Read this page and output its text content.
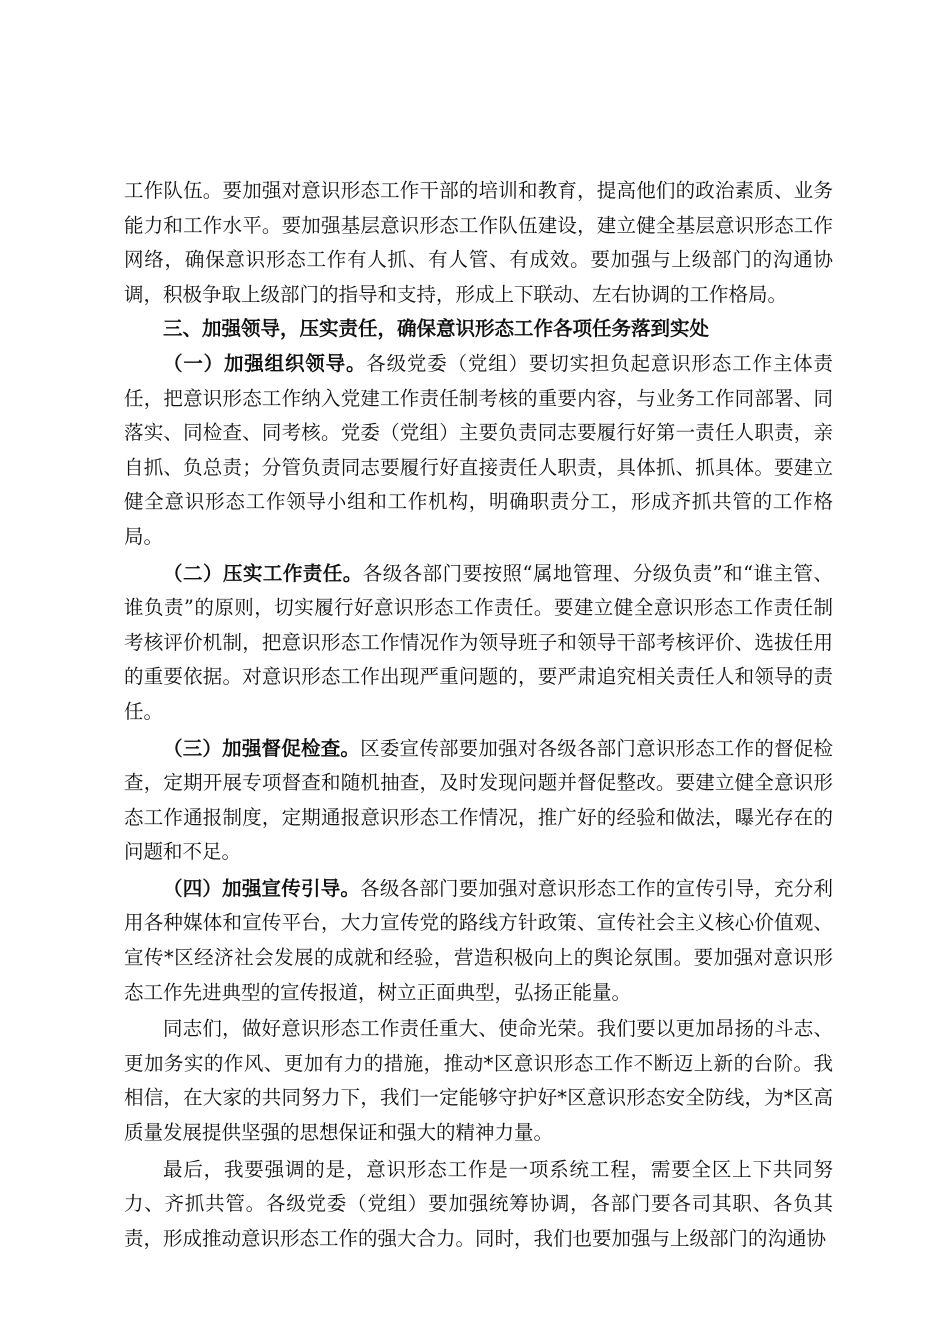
工作队伍。要加强对意识形态工作干部的培训和教育，提高他们的政治素质、业务能力和工作水平。要加强基层意识形态工作队伍建设，建立健全基层意识形态工作网络，确保意识形态工作有人抓、有人管、有成效。要加强与上级部门的沟通协调，积极争取上级部门的指导和支持，形成上下联动、左右协调的工作格局。

三、加强领导，压实责任，确保意识形态工作各项任务落到实处

（一）加强组织领导。各级党委（党组）要切实担负起意识形态工作主体责任，把意识形态工作纳入党建工作责任制考核的重要内容，与业务工作同部署、同落实、同检查、同考核。党委（党组）主要负责同志要履行好第一责任人职责，亲自抓、负总责；分管负责同志要履行好直接责任人职责，具体抓、抓具体。要建立健全意识形态工作领导小组和工作机构，明确职责分工，形成齐抓共管的工作格局。

（二）压实工作责任。各级各部门要按照“属地管理、分级负责”和“谁主管、谁负责”的原则，切实履行好意识形态工作责任。要建立健全意识形态工作责任制考核评价机制，把意识形态工作情况作为领导班子和领导干部考核评价、选拔任用的重要依据。对意识形态工作出现严重问题的，要严肃追究相关责任人和领导的责任。

（三）加强督促检查。区委宣传部要加强对各级各部门意识形态工作的督促检查，定期开展专项督查和随机抽查，及时发现问题并督促整改。要建立健全意识形态工作通报制度，定期通报意识形态工作情况，推广好的经验和做法，曝光存在的问题和不足。

（四）加强宣传引导。各级各部门要加强对意识形态工作的宣传引导，充分利用各种媒体和宣传平台，大力宣传党的路线方针政策、宣传社会主义核心价值观、宣传*区经济社会发展的成就和经验，营造积极向上的舆论氛围。要加强对意识形态工作先进典型的宣传报道，树立正面典型，弘扬正能量。

同志们，做好意识形态工作责任重大、使命光荣。我们要以更加昂扬的斗志、更加务实的作风、更加有力的措施，推动*区意识形态工作不断迈上新的台阶。我相信，在大家的共同努力下，我们一定能够守护好*区意识形态安全防线，为*区高质量发展提供坚强的思想保证和强大的精神力量。

最后，我要强调的是，意识形态工作是一项系统工程，需要全区上下共同努力、齐抓共管。各级党委（党组）要加强统筹协调，各部门要各司其职、各负其责，形成推动意识形态工作的强大合力。同时，我们也要加强与上级部门的沟通协
